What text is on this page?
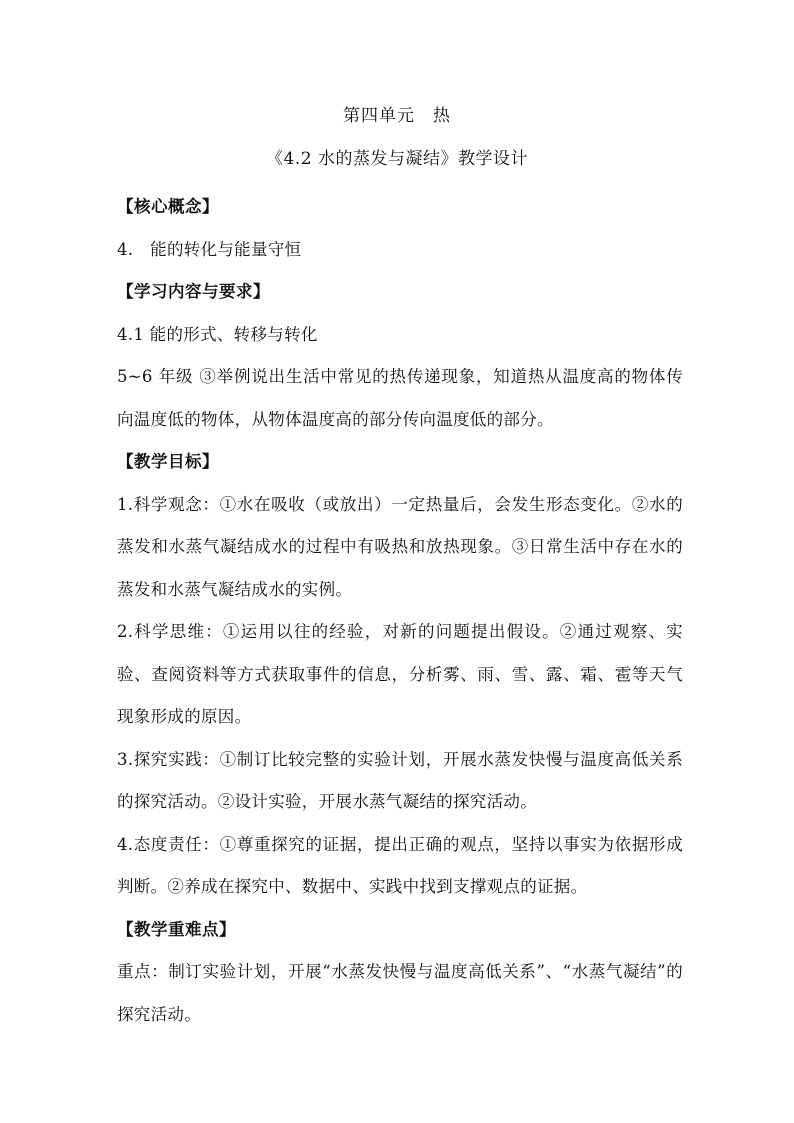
第四单元　热
《4.2 水的蒸发与凝结》教学设计

【核心概念】

4.　能的转化与能量守恒

【学习内容与要求】

4.1 能的形式、转移与转化

5~6 年级 ③举例说出生活中常见的热传递现象，知道热从温度高的物体传向温度低的物体，从物体温度高的部分传向温度低的部分。

【教学目标】

1.科学观念：①水在吸收（或放出）一定热量后，会发生形态变化。②水的蒸发和水蒸气凝结成水的过程中有吸热和放热现象。③日常生活中存在水的蒸发和水蒸气凝结成水的实例。

2.科学思维：①运用以往的经验，对新的问题提出假设。②通过观察、实验、查阅资料等方式获取事件的信息，分析雾、雨、雪、露、霜、雹等天气现象形成的原因。

3.探究实践：①制订比较完整的实验计划，开展水蒸发快慢与温度高低关系的探究活动。②设计实验，开展水蒸气凝结的探究活动。

4.态度责任：①尊重探究的证据，提出正确的观点，坚持以事实为依据形成判断。②养成在探究中、数据中、实践中找到支撑观点的证据。

【教学重难点】

重点：制订实验计划，开展“水蒸发快慢与温度高低关系”、“水蒸气凝结”的探究活动。
